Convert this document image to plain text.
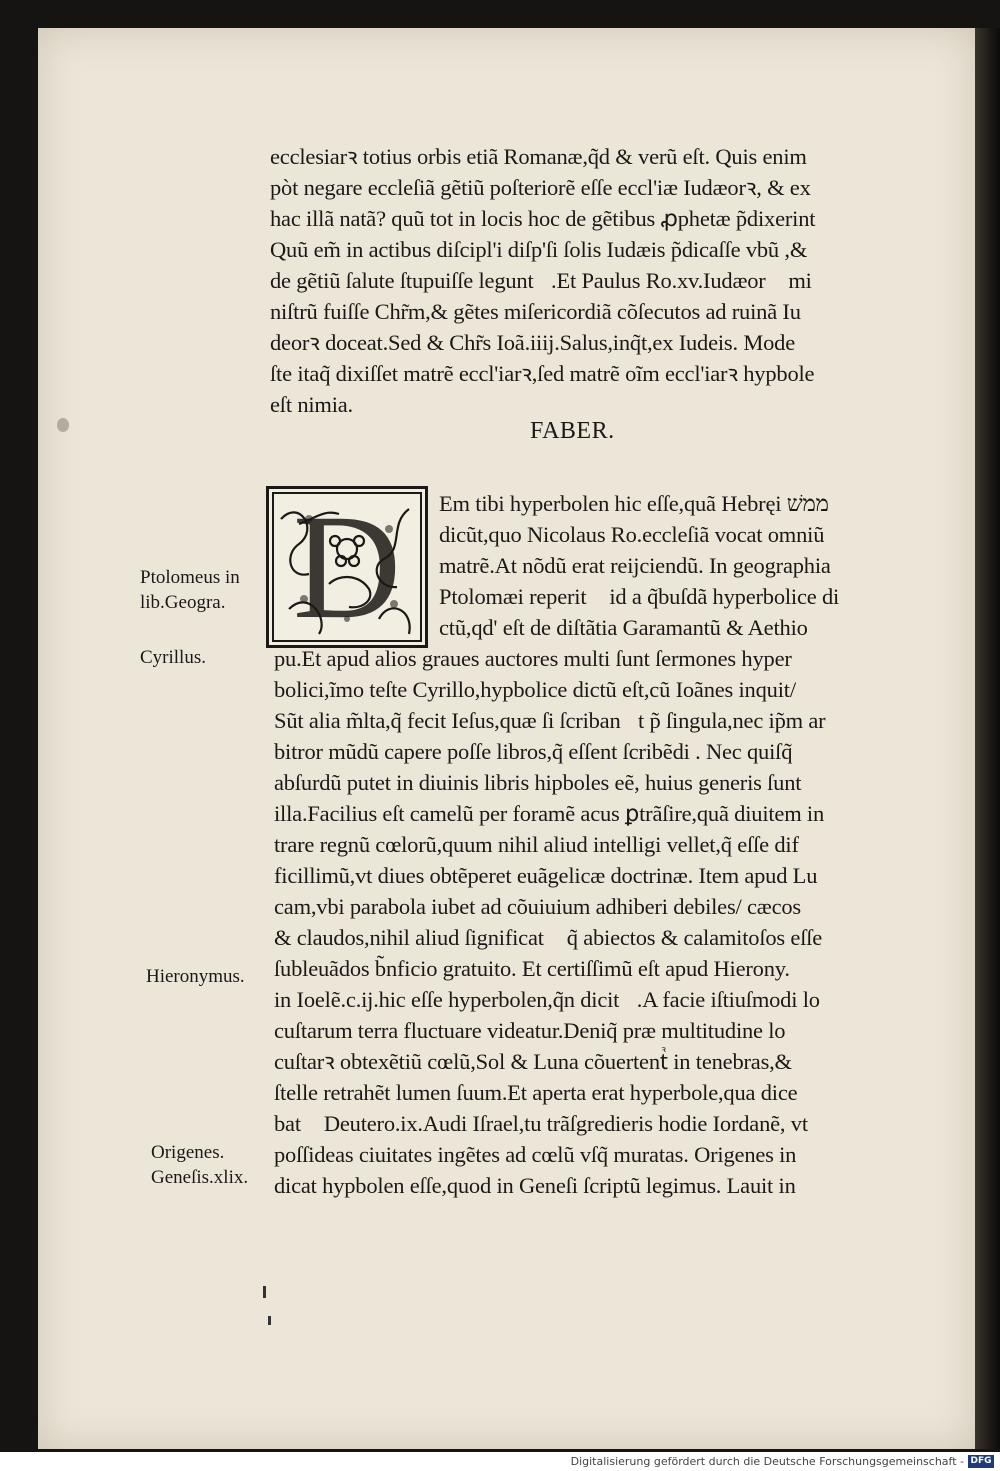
ecclesiarꝛ totius orbis etiã Romanæ,q̃d & verũ eſt. Quis enim
pòt negare eccleſiã gẽtiũ poſteriorẽ eſſe eccl'iæ Iudæorꝛ, & ex
hac illã natã? quũ tot in locis hoc de gẽtibus ꝓphetæ p̃dixerint
Quũ em̃ in actibus diſcipl'i diſp'ſi ſolis Iudæis p̃dicaſſe vbũ ,&
de gẽtiũ ſalute ſtupuiſſe leguntᷣ.Et Paulus Ro.xv.Iudæorꝛ mi
niſtrũ fuiſſe Chr̃m,& gẽtes miſericordiã cõſecutos ad ruinã Iu
deorꝛ doceat.Sed & Chr̃s Ioã.iiij.Salus,inq̃t,ex Iudeis. Mode
ſte itaq̃ dixiſſet matrẽ eccl'iarꝛ,ſed matrẽ oĩm eccl'iarꝛ hypbole
eſt nimia.
FABER.
D Em tibi hyperbolen hic eſſe,quã Hebręi ממשׁ
dicũt,quo Nicolaus Ro.eccleſiã vocat omniũ
matrẽ.At nõdũ erat reijciendũ. In geographia
Ptolomæi reperitᷣ id a q̃buſdã hyperbolice di
ctũ,qd' eſt de diſtãtia Garamantũ & Aethio
pu.Et apud alios graues auctores multi ſunt ſermones hyper
bolici,ĩmo teſte Cyrillo,hypbolice dictũ eſt,cũ Ioãnes inquit/
Sũt alia m̃lta,q̃ fecit Ieſus,quæ ſi ſcribanᷣt p̃ ſingula,nec ip̃m ar
bitror mũdũ capere poſſe libros,q̃ eſſent ſcribẽdi . Nec quiſq̃
abſurdũ putet in diuinis libris hipboles eẽ, huius generis ſunt
illa.Facilius eſt camelũ per foramẽ acus ꝑtrãſire,quã diuitem in
trare regnũ cœlorũ,quum nihil aliud intelligi vellet,q̃ eſſe dif
ficillimũ,vt diues obtẽperet euãgelicæ doctrinæ. Item apud Lu
cam,vbi parabola iubet ad cõuiuium adhiberi debiles/ cæcos
& claudos,nihil aliud ſignificatᷣ q̃ abiectos & calamitoſos eſſe
ſubleuãdos b̃nficio gratuito. Et certiſſimũ eſt apud Hierony.
in Ioelẽ.c.ij.hic eſſe hyperbolen,q̃n dicitᷣ.A facie iſtiuſmodi lo
cuſtarum terra fluctuare videatur.Deniq̃ præ multitudine lo
cuſtarꝛ obtexẽtiũ cœlũ,Sol & Luna cõuertentᷣ in tenebras,&
ſtelle retrahẽt lumen ſuum.Et aperta erat hyperbole,qua dice
batᷣ Deutero.ix.Audi Iſrael,tu trãſgredieris hodie Iordanẽ, vt
poſſideas ciuitates ingẽtes ad cœlũ vſq̃ muratas. Origenes in
dicat hypbolen eſſe,quod in Geneſi ſcriptũ legimus. Lauit in
Ptolomeus in
lib.Geogra.
Cyrillus.
Hieronymus.
Origenes.
Geneſis.xlix.
Digitalisierung gefördert durch die Deutsche Forschungsgemeinschaft - DFG
